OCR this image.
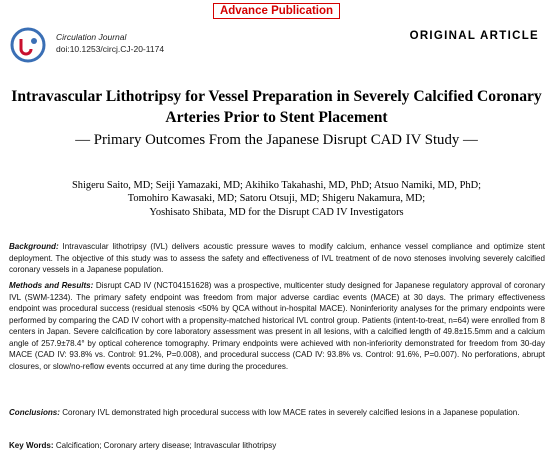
Advance Publication
Circulation Journal
doi:10.1253/circj.CJ-20-1174
ORIGINAL ARTICLE
Intravascular Lithotripsy for Vessel Preparation in Severely Calcified Coronary Arteries Prior to Stent Placement
— Primary Outcomes From the Japanese Disrupt CAD IV Study —
Shigeru Saito, MD; Seiji Yamazaki, MD; Akihiko Takahashi, MD, PhD; Atsuo Namiki, MD, PhD;
Tomohiro Kawasaki, MD; Satoru Otsuji, MD; Shigeru Nakamura, MD;
Yoshisato Shibata, MD for the Disrupt CAD IV Investigators
Background: Intravascular lithotripsy (IVL) delivers acoustic pressure waves to modify calcium, enhance vessel compliance and optimize stent deployment. The objective of this study was to assess the safety and effectiveness of IVL treatment of de novo stenoses involving severely calcified coronary vessels in a Japanese population.
Methods and Results: Disrupt CAD IV (NCT04151628) was a prospective, multicenter study designed for Japanese regulatory approval of coronary IVL (SWM-1234). The primary safety endpoint was freedom from major adverse cardiac events (MACE) at 30 days. The primary effectiveness endpoint was procedural success (residual stenosis <50% by QCA without in-hospital MACE). Noninferiority analyses for the primary endpoints were performed by comparing the CAD IV cohort with a propensity-matched historical IVL control group. Patients (intent-to-treat, n=64) were enrolled from 8 centers in Japan. Severe calcification by core laboratory assessment was present in all lesions, with a calcified length of 49.8±15.5mm and a calcium angle of 257.9±78.4° by optical coherence tomography. Primary endpoints were achieved with non-inferiority demonstrated for freedom from 30-day MACE (CAD IV: 93.8% vs. Control: 91.2%, P=0.008), and procedural success (CAD IV: 93.8% vs. Control: 91.6%, P=0.007). No perforations, abrupt closures, or slow/no-reflow events occurred at any time during the procedures.
Conclusions: Coronary IVL demonstrated high procedural success with low MACE rates in severely calcified lesions in a Japanese population.
Key Words: Calcification; Coronary artery disease; Intravascular lithotripsy
